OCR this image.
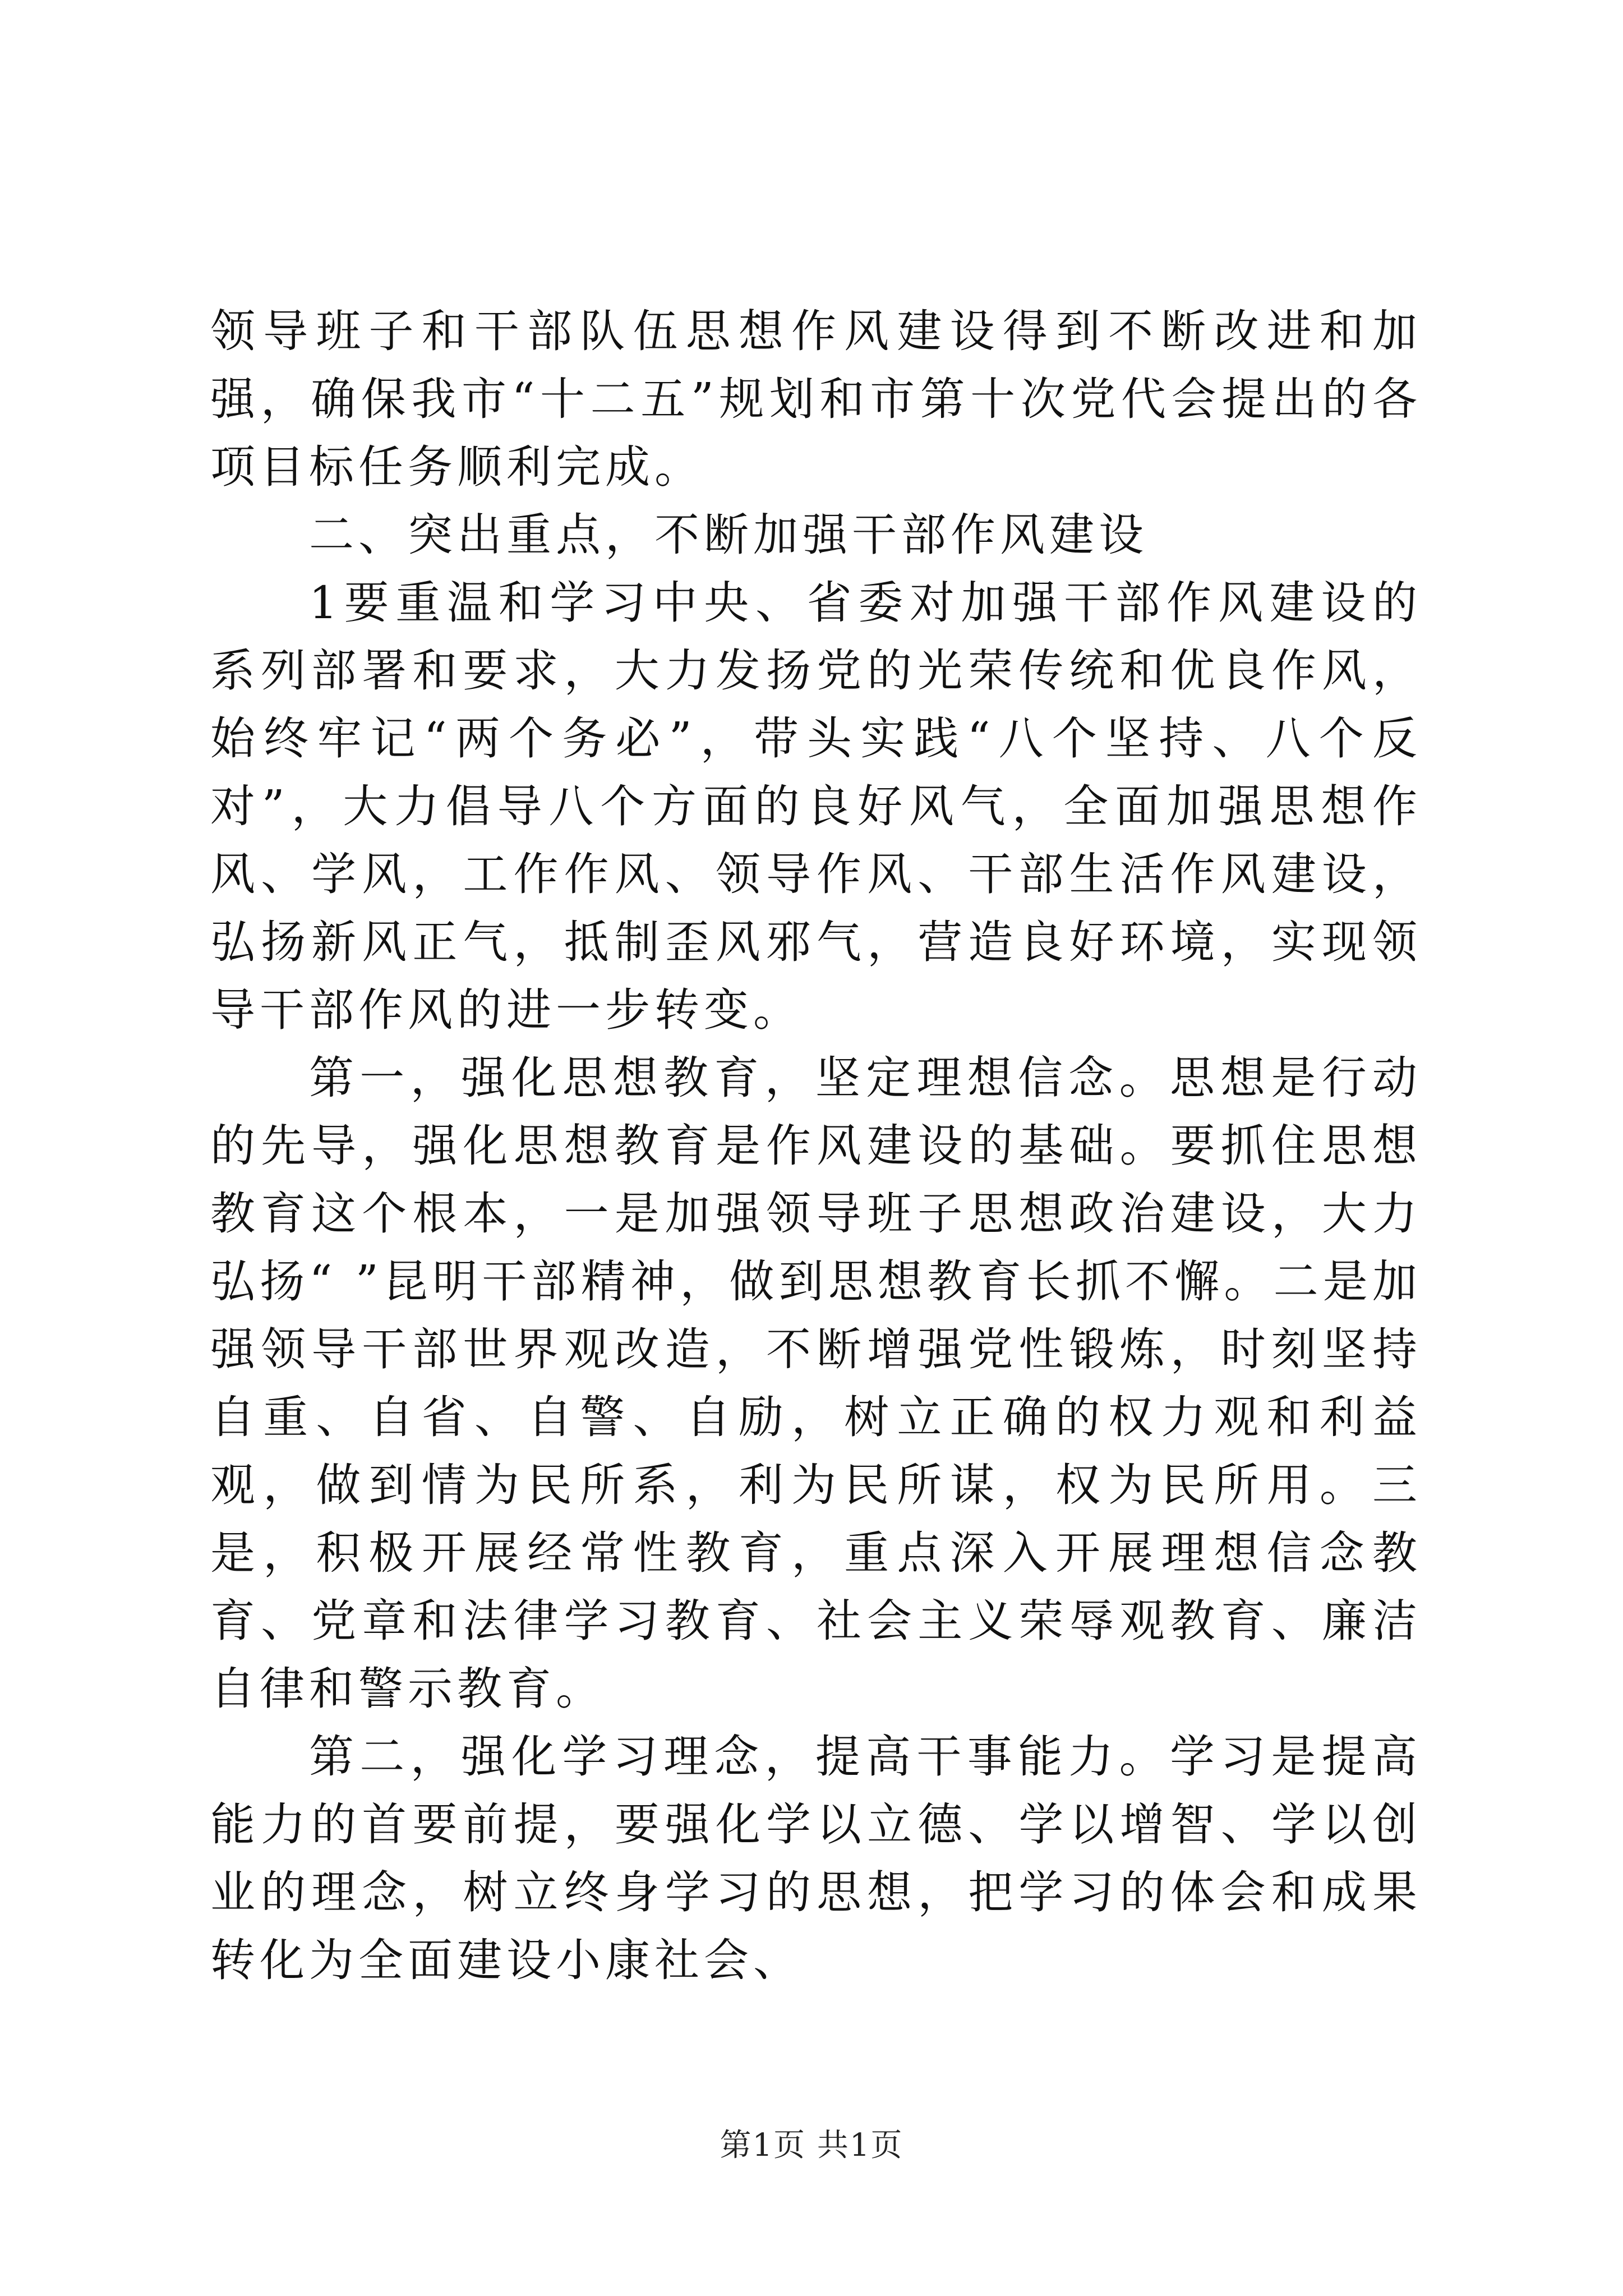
领导班子和干部队伍思想作风建设得到不断改进和加强，确保我市“十二五”规划和市第十次党代会提出的各项目标任务顺利完成。

二、突出重点，不断加强干部作风建设

1要重温和学习中央、省委对加强干部作风建设的系列部署和要求，大力发扬党的光荣传统和优良作风，始终牢记“两个务必”，带头实践“八个坚持、八个反对”，大力倡导八个方面的良好风气，全面加强思想作风、学风，工作作风、领导作风、干部生活作风建设，弘扬新风正气，抵制歪风邪气，营造良好环境，实现领导干部作风的进一步转变。

第一，强化思想教育，坚定理想信念。思想是行动的先导，强化思想教育是作风建设的基础。要抓住思想教育这个根本，一是加强领导班子思想政治建设，大力弘扬“ ”昆明干部精神，做到思想教育长抓不懈。二是加强领导干部世界观改造，不断增强党性锻炼，时刻坚持自重、自省、自警、自励，树立正确的权力观和利益观，做到情为民所系，利为民所谋，权为民所用。三是，积极开展经常性教育，重点深入开展理想信念教育、党章和法律学习教育、社会主义荣辱观教育、廉洁自律和警示教育。

第二，强化学习理念，提高干事能力。学习是提高能力的首要前提，要强化学以立德、学以增智、学以创业的理念，树立终身学习的思想，把学习的体会和成果转化为全面建设小康社会、

第1页 共1页
